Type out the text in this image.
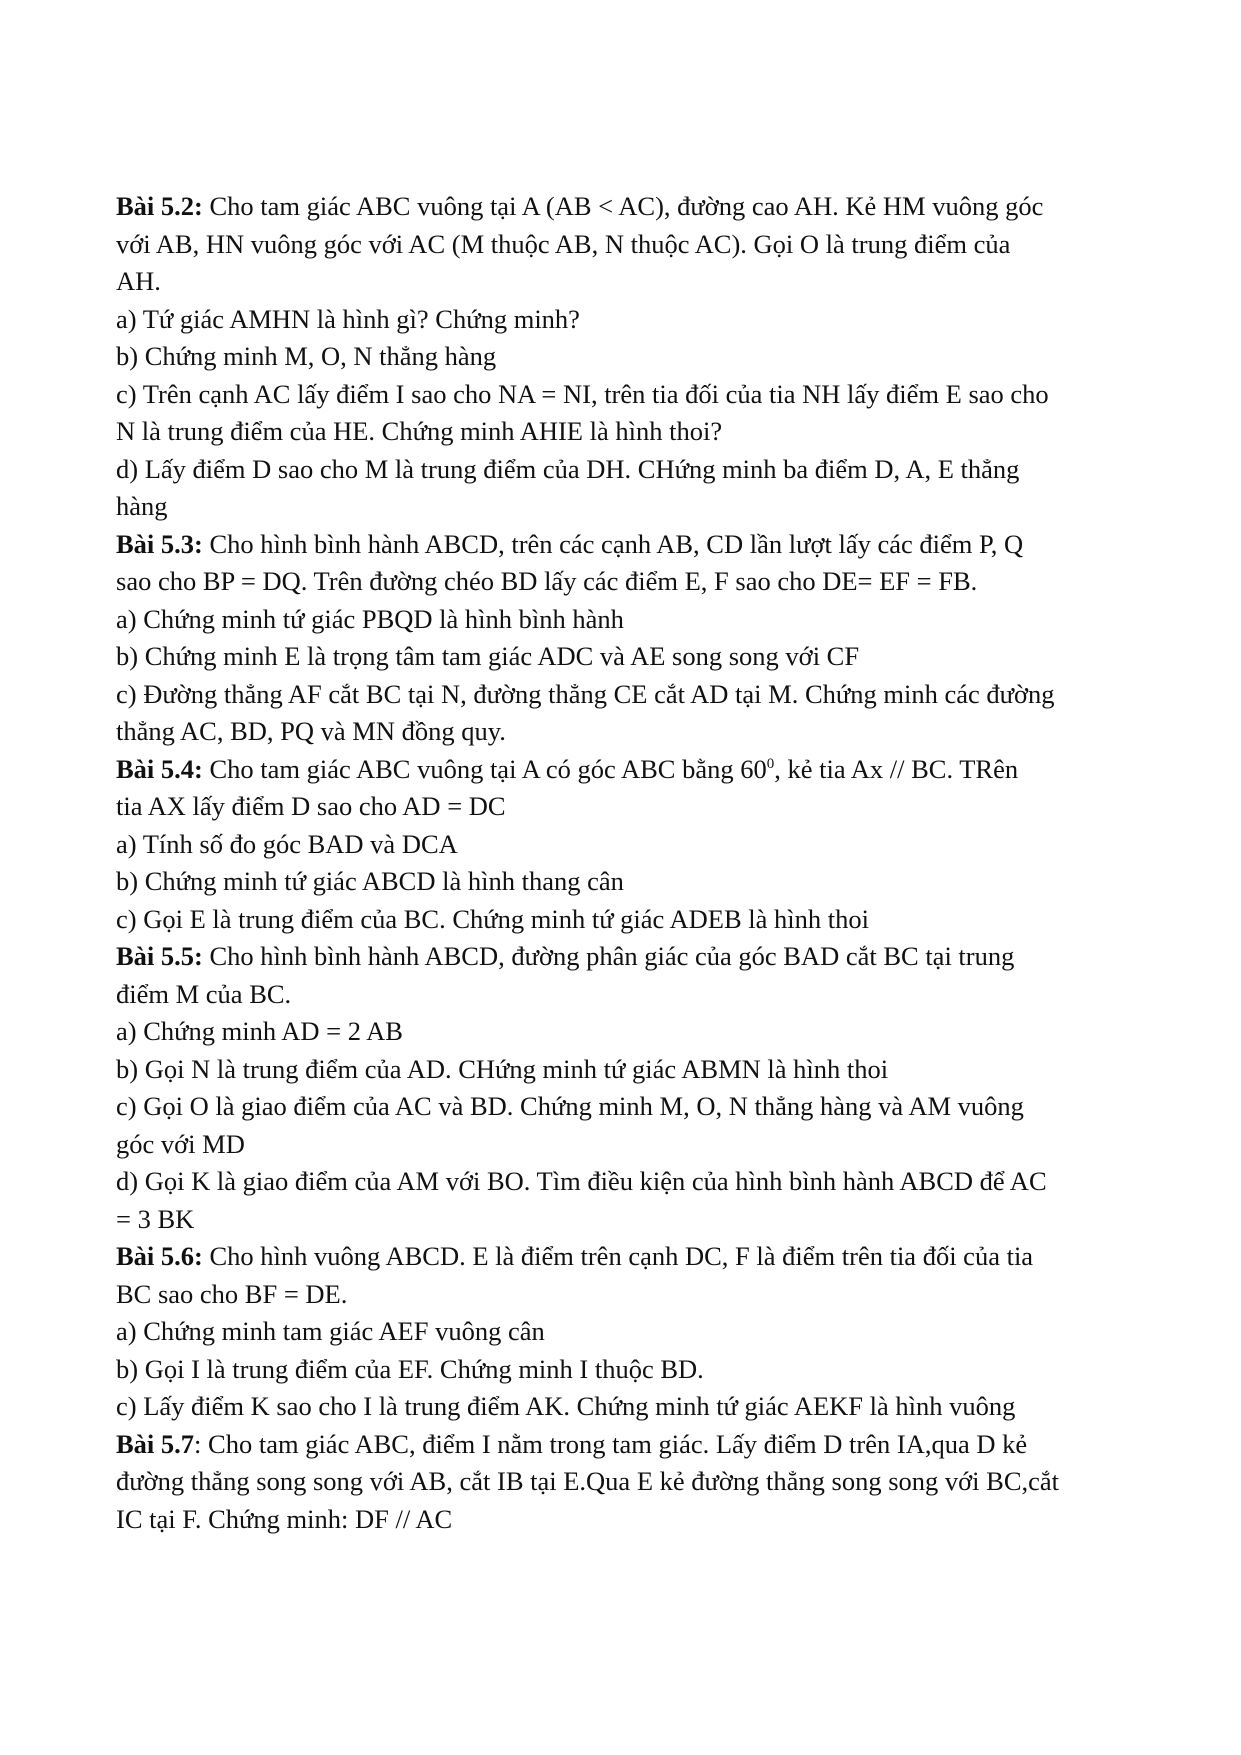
Bài 5.2: Cho tam giác ABC vuông tại A (AB < AC), đường cao AH. Kẻ HM vuông góc
với AB, HN vuông góc với AC (M thuộc AB, N thuộc AC). Gọi O là trung điểm của
AH.
a) Tứ giác AMHN là hình gì? Chứng minh?
b) Chứng minh M, O, N thẳng hàng
c) Trên cạnh AC lấy điểm I sao cho NA = NI, trên tia đối của tia NH lấy điểm E sao cho
N là trung điểm của HE. Chứng minh AHIE là hình thoi?
d) Lấy điểm D sao cho M là trung điểm của DH. CHứng minh ba điểm D, A, E thẳng
hàng
Bài 5.3: Cho hình bình hành ABCD, trên các cạnh AB, CD lần lượt lấy các điểm P, Q
sao cho BP = DQ. Trên đường chéo BD lấy các điểm E, F sao cho DE= EF = FB.
a) Chứng minh tứ giác PBQD là hình bình hành
b) Chứng minh E là trọng tâm tam giác ADC và AE song song với CF
c) Đường thẳng AF cắt BC tại N, đường thẳng CE cắt AD tại M. Chứng minh các đường
thẳng AC, BD, PQ và MN đồng quy.
Bài 5.4: Cho tam giác ABC vuông tại A có góc ABC bằng $60^0$, kẻ tia Ax // BC. TRên
tia AX lấy điểm D sao cho AD = DC
a) Tính số đo góc BAD và DCA
b) Chứng minh tứ giác ABCD là hình thang cân
c) Gọi E là trung điểm của BC. Chứng minh tứ giác ADEB là hình thoi
Bài 5.5: Cho hình bình hành ABCD, đường phân giác của góc BAD cắt BC tại trung
điểm M của BC.
a) Chứng minh AD = 2 AB
b) Gọi N là trung điểm của AD. CHứng minh tứ giác ABMN là hình thoi
c) Gọi O là giao điểm của AC và BD. Chứng minh M, O, N thẳng hàng và AM vuông
góc với MD
d) Gọi K là giao điểm của AM với BO. Tìm điều kiện của hình bình hành ABCD để AC
= 3 BK
Bài 5.6: Cho hình vuông ABCD. E là điểm trên cạnh DC, F là điểm trên tia đối của tia
BC sao cho BF = DE.
a) Chứng minh tam giác AEF vuông cân
b) Gọi I là trung điểm của EF. Chứng minh I thuộc BD.
c) Lấy điểm K sao cho I là trung điểm AK. Chứng minh tứ giác AEKF là hình vuông
Bài 5.7: Cho tam giác ABC, điểm I nằm trong tam giác. Lấy điểm D trên IA,qua D kẻ
đường thẳng song song với AB, cắt IB tại E.Qua E kẻ đường thẳng song song với BC,cắt
IC tại F. Chứng minh: DF // AC
